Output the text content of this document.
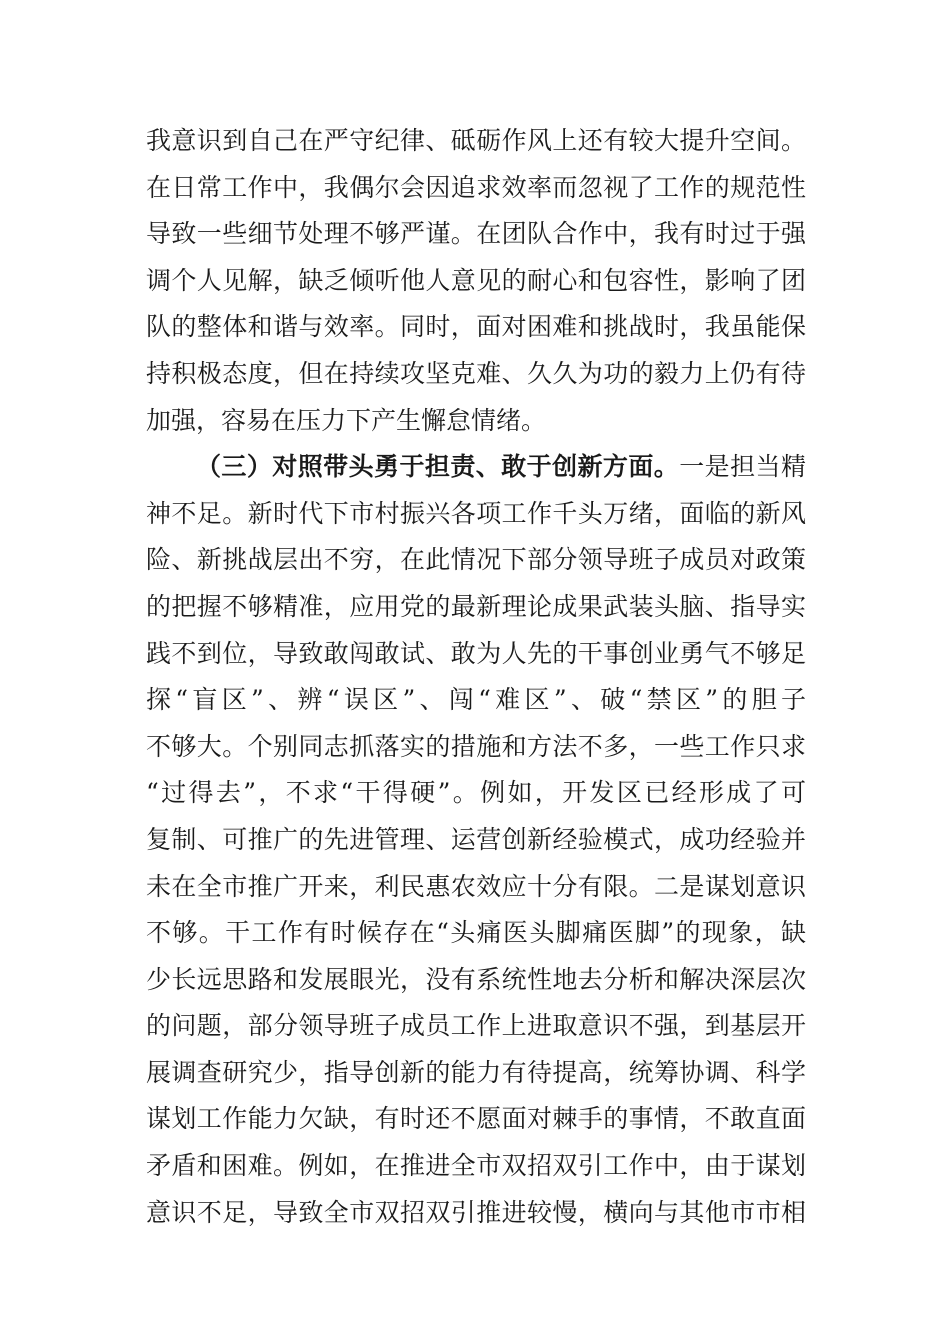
我意识到自己在严守纪律、砥砺作风上还有较大提升空间。
在日常工作中，我偶尔会因追求效率而忽视了工作的规范性
导致一些细节处理不够严谨。在团队合作中，我有时过于强
调个人见解，缺乏倾听他人意见的耐心和包容性，影响了团
队的整体和谐与效率。同时，面对困难和挑战时，我虽能保
持积极态度，但在持续攻坚克难、久久为功的毅力上仍有待
加强，容易在压力下产生懈怠情绪。
（三）对照带头勇于担责、敢于创新方面。一是担当精
神不足。新时代下市村振兴各项工作千头万绪，面临的新风
险、新挑战层出不穷，在此情况下部分领导班子成员对政策
的把握不够精准，应用党的最新理论成果武装头脑、指导实
践不到位，导致敢闯敢试、敢为人先的干事创业勇气不够足
探“盲区”、辨“误区”、闯“难区”、破“禁区”的胆子
不够大。个别同志抓落实的措施和方法不多，一些工作只求
“过得去”，不求“干得硬”。例如，开发区已经形成了可
复制、可推广的先进管理、运营创新经验模式，成功经验并
未在全市推广开来，利民惠农效应十分有限。二是谋划意识
不够。干工作有时候存在“头痛医头脚痛医脚”的现象，缺
少长远思路和发展眼光，没有系统性地去分析和解决深层次
的问题，部分领导班子成员工作上进取意识不强，到基层开
展调查研究少，指导创新的能力有待提高，统筹协调、科学
谋划工作能力欠缺，有时还不愿面对棘手的事情，不敢直面
矛盾和困难。例如，在推进全市双招双引工作中，由于谋划
意识不足，导致全市双招双引推进较慢，横向与其他市市相
